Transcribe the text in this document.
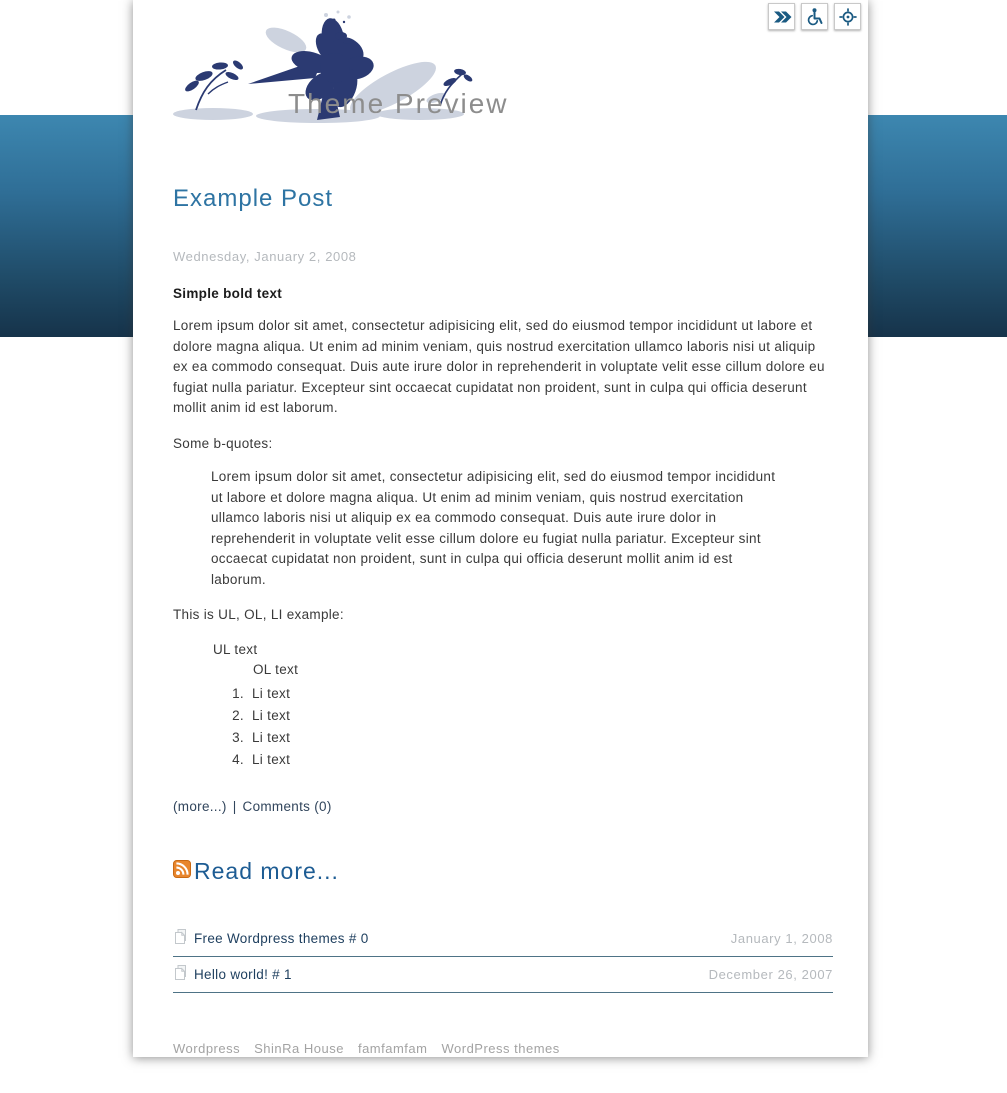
Theme Preview
Example Post
Wednesday, January 2, 2008
Simple bold text

Lorem ipsum dolor sit amet, consectetur adipisicing elit, sed do eiusmod tempor incididunt ut labore et dolore magna aliqua. Ut enim ad minim veniam, quis nostrud exercitation ullamco laboris nisi ut aliquip ex ea commodo consequat. Duis aute irure dolor in reprehenderit in voluptate velit esse cillum dolore eu fugiat nulla pariatur. Excepteur sint occaecat cupidatat non proident, sunt in culpa qui officia deserunt mollit anim id est laborum.

Some b-quotes:

Lorem ipsum dolor sit amet, consectetur adipisicing elit, sed do eiusmod tempor incididunt ut labore et dolore magna aliqua. Ut enim ad minim veniam, quis nostrud exercitation ullamco laboris nisi ut aliquip ex ea commodo consequat. Duis aute irure dolor in reprehenderit in voluptate velit esse cillum dolore eu fugiat nulla pariatur. Excepteur sint occaecat cupidatat non proident, sunt in culpa qui officia deserunt mollit anim id est laborum.

This is UL, OL, LI example:

UL text
OL text
1. Li text
2. Li text
3. Li text
4. Li text
(more...) | Comments (0)
Read more...
Free Wordpress themes # 0	January 1, 2008
Hello world! # 1	December 26, 2007
Wordpress ShinRa House famfamfam WordPress themes
